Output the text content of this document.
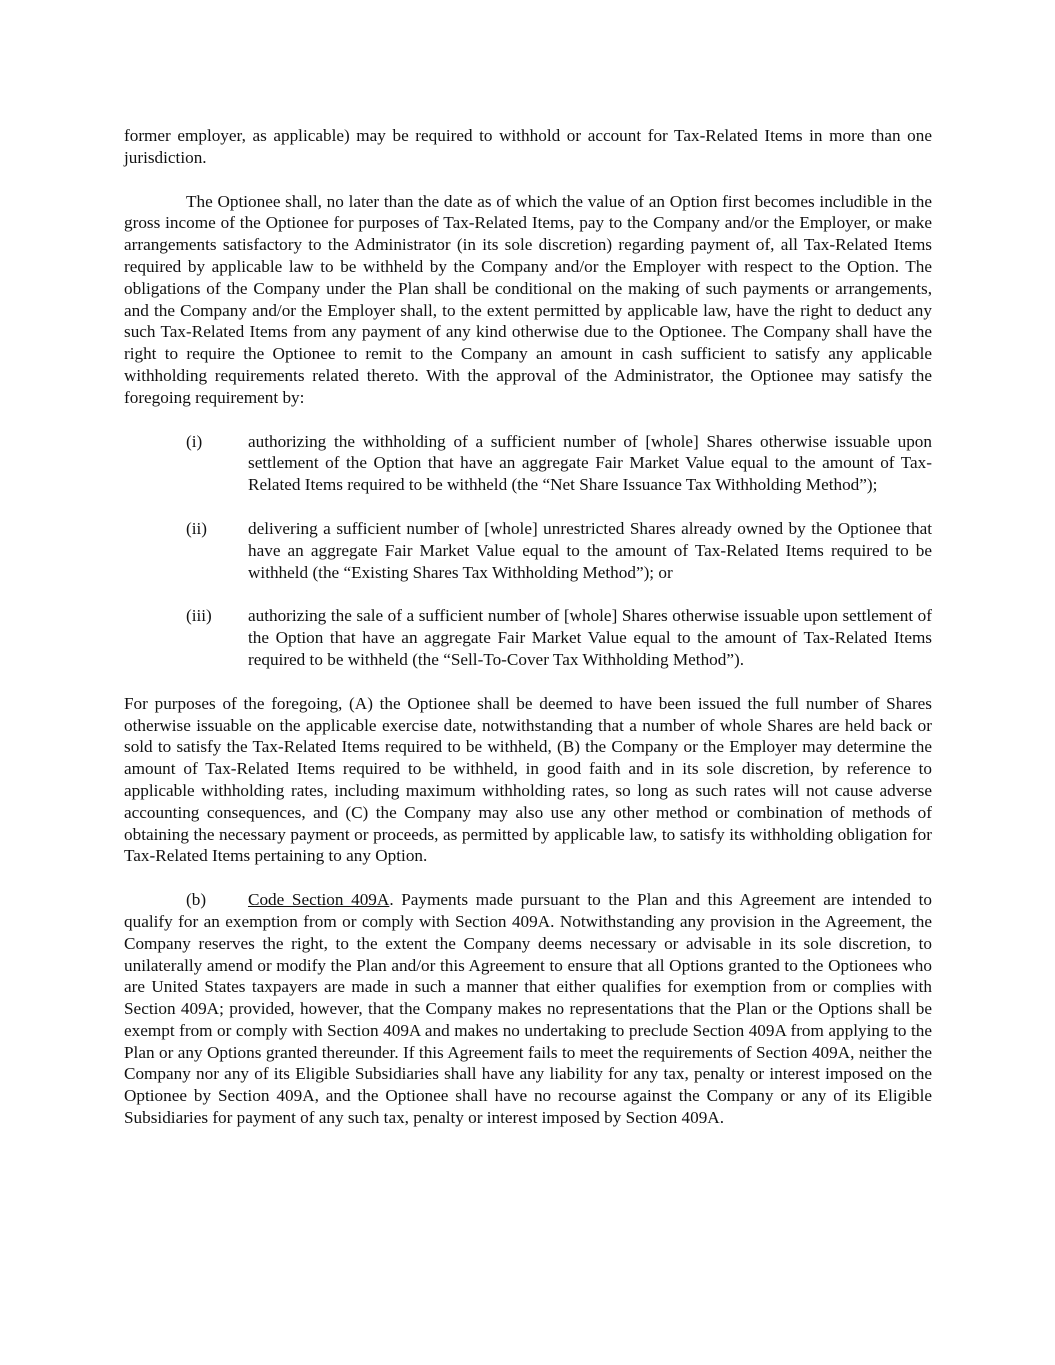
former employer, as applicable) may be required to withhold or account for Tax-Related Items in more than one jurisdiction.

The Optionee shall, no later than the date as of which the value of an Option first becomes includible in the gross income of the Optionee for purposes of Tax-Related Items, pay to the Company and/or the Employer, or make arrangements satisfactory to the Administrator (in its sole discretion) regarding payment of, all Tax-Related Items required by applicable law to be withheld by the Company and/or the Employer with respect to the Option. The obligations of the Company under the Plan shall be conditional on the making of such payments or arrangements, and the Company and/or the Employer shall, to the extent permitted by applicable law, have the right to deduct any such Tax-Related Items from any payment of any kind otherwise due to the Optionee. The Company shall have the right to require the Optionee to remit to the Company an amount in cash sufficient to satisfy any applicable withholding requirements related thereto. With the approval of the Administrator, the Optionee may satisfy the foregoing requirement by:

(i)	authorizing the withholding of a sufficient number of [whole] Shares otherwise issuable upon settlement of the Option that have an aggregate Fair Market Value equal to the amount of Tax-Related Items required to be withheld (the “Net Share Issuance Tax Withholding Method”);
(ii)	delivering a sufficient number of [whole] unrestricted Shares already owned by the Optionee that have an aggregate Fair Market Value equal to the amount of Tax-Related Items required to be withheld (the “Existing Shares Tax Withholding Method”); or
(iii)	authorizing the sale of a sufficient number of [whole] Shares otherwise issuable upon settlement of the Option that have an aggregate Fair Market Value equal to the amount of Tax-Related Items required to be withheld (the “Sell-To-Cover Tax Withholding Method”).

For purposes of the foregoing, (A) the Optionee shall be deemed to have been issued the full number of Shares otherwise issuable on the applicable exercise date, notwithstanding that a number of whole Shares are held back or sold to satisfy the Tax-Related Items required to be withheld, (B) the Company or the Employer may determine the amount of Tax-Related Items required to be withheld, in good faith and in its sole discretion, by reference to applicable withholding rates, including maximum withholding rates, so long as such rates will not cause adverse accounting consequences, and (C) the Company may also use any other method or combination of methods of obtaining the necessary payment or proceeds, as permitted by applicable law, to satisfy its withholding obligation for Tax-Related Items pertaining to any Option.

(b) Code Section 409A. Payments made pursuant to the Plan and this Agreement are intended to qualify for an exemption from or comply with Section 409A. Notwithstanding any provision in the Agreement, the Company reserves the right, to the extent the Company deems necessary or advisable in its sole discretion, to unilaterally amend or modify the Plan and/or this Agreement to ensure that all Options granted to the Optionees who are United States taxpayers are made in such a manner that either qualifies for exemption from or complies with Section 409A; provided, however, that the Company makes no representations that the Plan or the Options shall be exempt from or comply with Section 409A and makes no undertaking to preclude Section 409A from applying to the Plan or any Options granted thereunder. If this Agreement fails to meet the requirements of Section 409A, neither the Company nor any of its Eligible Subsidiaries shall have any liability for any tax, penalty or interest imposed on the Optionee by Section 409A, and the Optionee shall have no recourse against the Company or any of its Eligible Subsidiaries for payment of any such tax, penalty or interest imposed by Section 409A.
